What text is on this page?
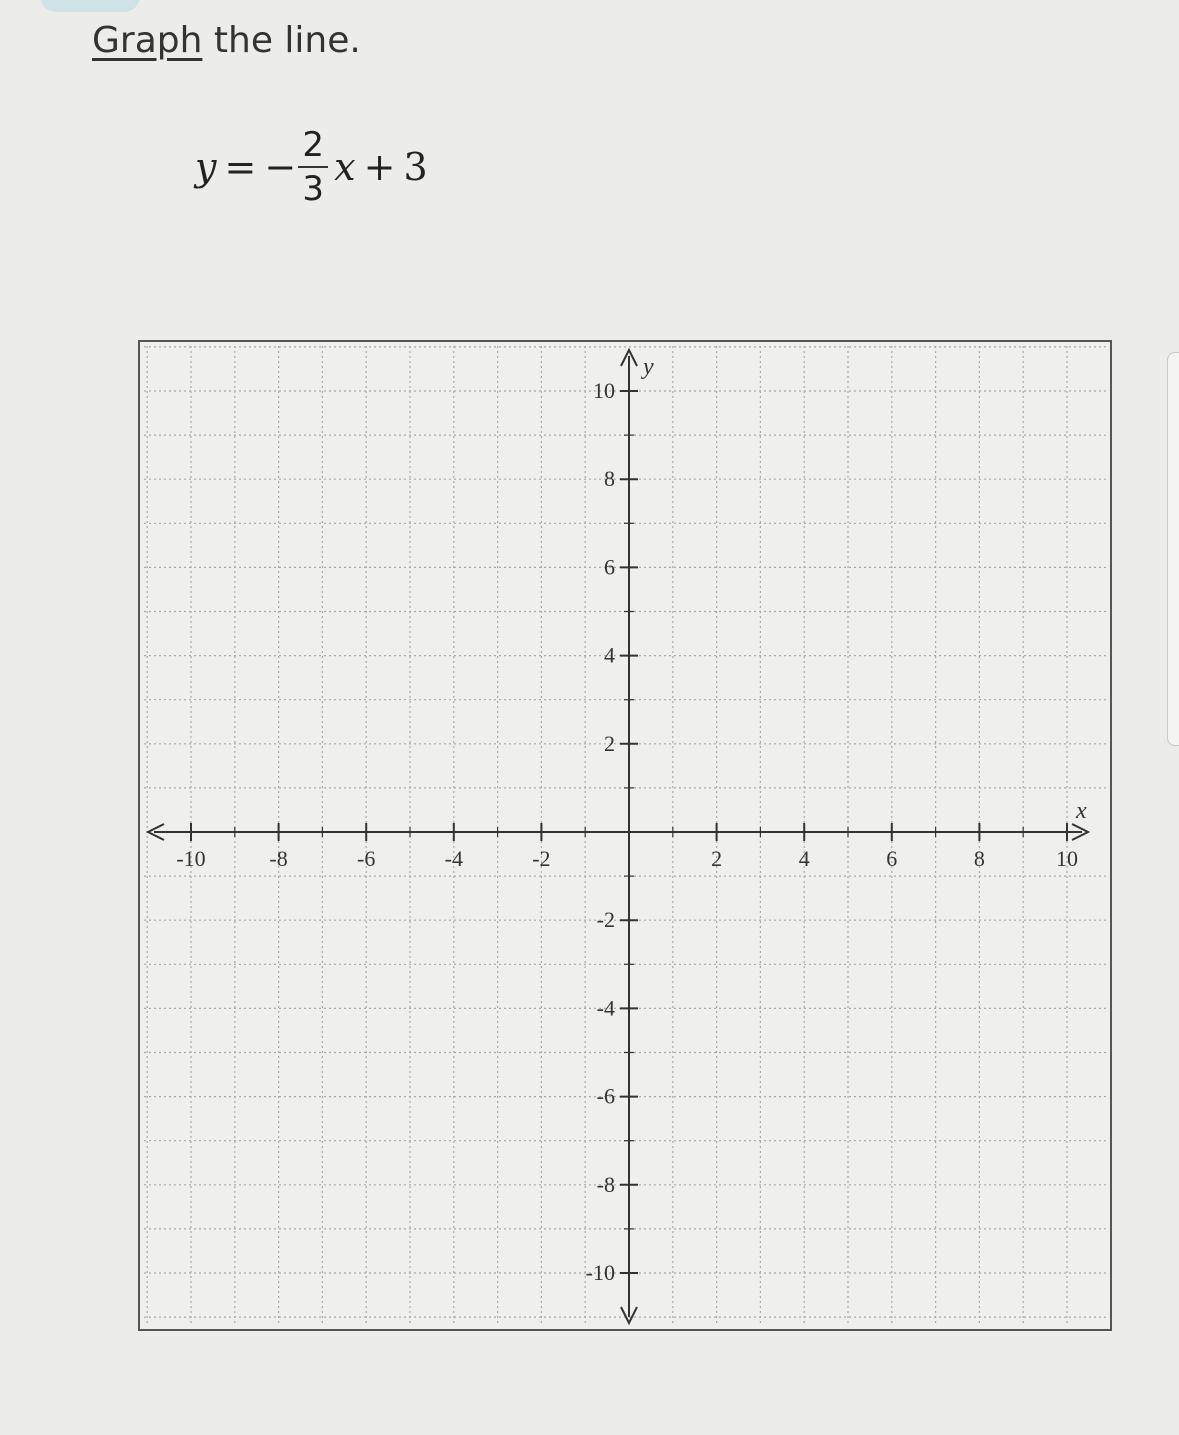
Graph the line.
y = − $\frac{2}{3}$ x + 3
-10	-8	-6	-4	-2	2	4	6	8	10
10
8
6
4
2
-2
-4
-6
-8
-10
x
y
